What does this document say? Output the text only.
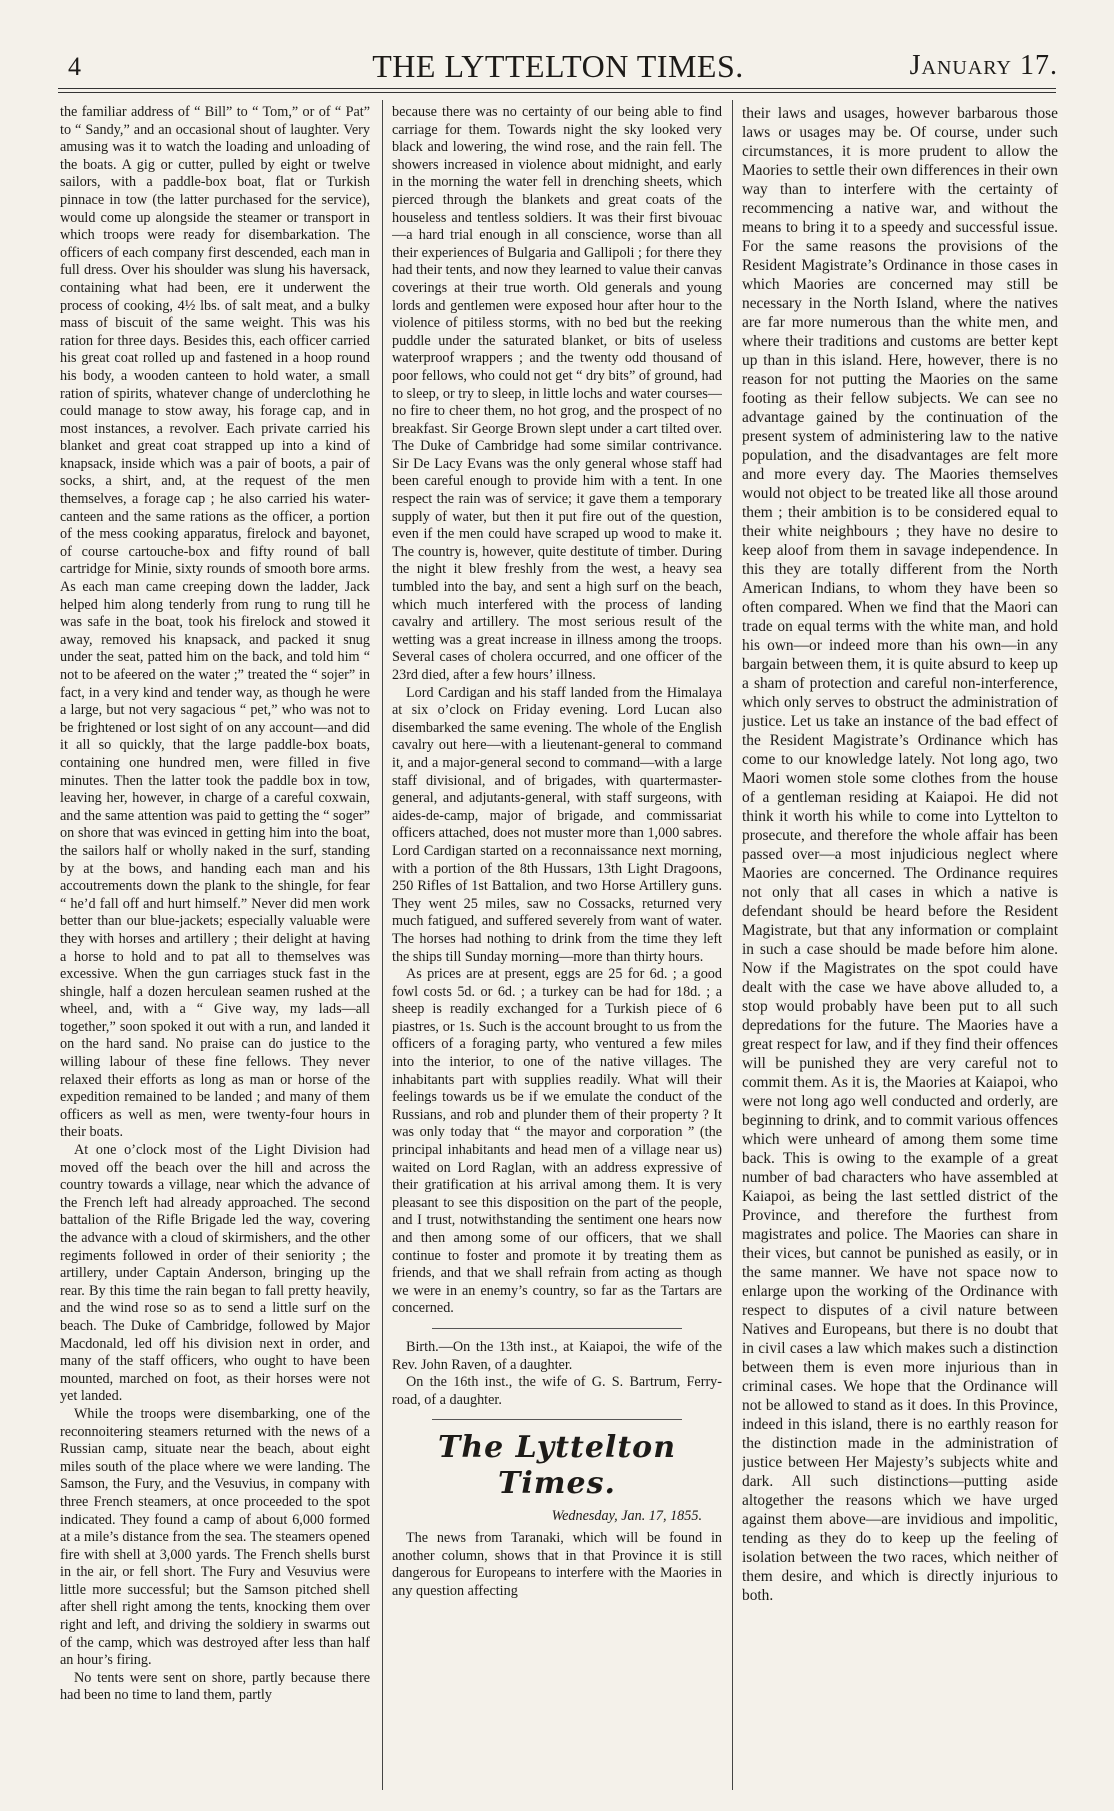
4	THE LYTTELTON TIMES.	January 17.

the familiar address of “ Bill” to “ Tom,” or of “ Pat” to “ Sandy,” and an occasional shout of laughter. Very amusing was it to watch the loading and unloading of the boats. A gig or cutter, pulled by eight or twelve sailors, with a paddle-box boat, flat or Turkish pinnace in tow (the latter purchased for the service), would come up alongside the steamer or transport in which troops were ready for disembarkation. The officers of each company first descended, each man in full dress. Over his shoulder was slung his haversack, containing what had been, ere it underwent the process of cooking, 4½ lbs. of salt meat, and a bulky mass of biscuit of the same weight. This was his ration for three days. Besides this, each officer carried his great coat rolled up and fastened in a hoop round his body, a wooden canteen to hold water, a small ration of spirits, whatever change of underclothing he could manage to stow away, his forage cap, and in most instances, a revolver. Each private carried his blanket and great coat strapped up into a kind of knapsack, inside which was a pair of boots, a pair of socks, a shirt, and, at the request of the men themselves, a forage cap ; he also carried his water-canteen and the same rations as the officer, a portion of the mess cooking apparatus, firelock and bayonet, of course cartouche-box and fifty round of ball cartridge for Minie, sixty rounds of smooth bore arms. As each man came creeping down the ladder, Jack helped him along tenderly from rung to rung till he was safe in the boat, took his firelock and stowed it away, removed his knapsack, and packed it snug under the seat, patted him on the back, and told him “ not to be afeered on the water ;” treated the “ sojer” in fact, in a very kind and tender way, as though he were a large, but not very sagacious “ pet,” who was not to be frightened or lost sight of on any account—and did it all so quickly, that the large paddle-box boats, containing one hundred men, were filled in five minutes. Then the latter took the paddle box in tow, leaving her, however, in charge of a careful coxwain, and the same attention was paid to getting the “ soger” on shore that was evinced in getting him into the boat, the sailors half or wholly naked in the surf, standing by at the bows, and handing each man and his accoutrements down the plank to the shingle, for fear “ he’d fall off and hurt himself.” Never did men work better than our blue-jackets; especially valuable were they with horses and artillery ; their delight at having a horse to hold and to pat all to themselves was excessive. When the gun carriages stuck fast in the shingle, half a dozen herculean seamen rushed at the wheel, and, with a “ Give way, my lads—all together,” soon spoked it out with a run, and landed it on the hard sand. No praise can do justice to the willing labour of these fine fellows. They never relaxed their efforts as long as man or horse of the expedition remained to be landed ; and many of them officers as well as men, were twenty-four hours in their boats.

At one o’clock most of the Light Division had moved off the beach over the hill and across the country towards a village, near which the advance of the French left had already approached. The second battalion of the Rifle Brigade led the way, covering the advance with a cloud of skirmishers, and the other regiments followed in order of their seniority ; the artillery, under Captain Anderson, bringing up the rear. By this time the rain began to fall pretty heavily, and the wind rose so as to send a little surf on the beach. The Duke of Cambridge, followed by Major Macdonald, led off his division next in order, and many of the staff officers, who ought to have been mounted, marched on foot, as their horses were not yet landed.

While the troops were disembarking, one of the reconnoitering steamers returned with the news of a Russian camp, situate near the beach, about eight miles south of the place where we were landing. The Samson, the Fury, and the Vesuvius, in company with three French steamers, at once proceeded to the spot indicated. They found a camp of about 6,000 formed at a mile’s distance from the sea. The steamers opened fire with shell at 3,000 yards. The French shells burst in the air, or fell short. The Fury and Vesuvius were little more successful; but the Samson pitched shell after shell right among the tents, knocking them over right and left, and driving the soldiery in swarms out of the camp, which was destroyed after less than half an hour’s firing.

No tents were sent on shore, partly because there had been no time to land them, partly

because there was no certainty of our being able to find carriage for them. Towards night the sky looked very black and lowering, the wind rose, and the rain fell. The showers increased in violence about midnight, and early in the morning the water fell in drenching sheets, which pierced through the blankets and great coats of the houseless and tentless soldiers. It was their first bivouac—a hard trial enough in all conscience, worse than all their experiences of Bulgaria and Gallipoli ; for there they had their tents, and now they learned to value their canvas coverings at their true worth. Old generals and young lords and gentlemen were exposed hour after hour to the violence of pitiless storms, with no bed but the reeking puddle under the saturated blanket, or bits of useless waterproof wrappers ; and the twenty odd thousand of poor fellows, who could not get “ dry bits” of ground, had to sleep, or try to sleep, in little lochs and water courses—no fire to cheer them, no hot grog, and the prospect of no breakfast. Sir George Brown slept under a cart tilted over. The Duke of Cambridge had some similar contrivance. Sir De Lacy Evans was the only general whose staff had been careful enough to provide him with a tent. In one respect the rain was of service; it gave them a temporary supply of water, but then it put fire out of the question, even if the men could have scraped up wood to make it. The country is, however, quite destitute of timber. During the night it blew freshly from the west, a heavy sea tumbled into the bay, and sent a high surf on the beach, which much interfered with the process of landing cavalry and artillery. The most serious result of the wetting was a great increase in illness among the troops. Several cases of cholera occurred, and one officer of the 23rd died, after a few hours’ illness.

Lord Cardigan and his staff landed from the Himalaya at six o’clock on Friday evening. Lord Lucan also disembarked the same evening. The whole of the English cavalry out here—with a lieutenant-general to command it, and a major-general second to command—with a large staff divisional, and of brigades, with quartermaster-general, and adjutants-general, with staff surgeons, with aides-de-camp, major of brigade, and commissariat officers attached, does not muster more than 1,000 sabres. Lord Cardigan started on a reconnaissance next morning, with a portion of the 8th Hussars, 13th Light Dragoons, 250 Rifles of 1st Battalion, and two Horse Artillery guns. They went 25 miles, saw no Cossacks, returned very much fatigued, and suffered severely from want of water. The horses had nothing to drink from the time they left the ships till Sunday morning—more than thirty hours.

As prices are at present, eggs are 25 for 6d. ; a good fowl costs 5d. or 6d. ; a turkey can be had for 18d. ; a sheep is readily exchanged for a Turkish piece of 6 piastres, or 1s. Such is the account brought to us from the officers of a foraging party, who ventured a few miles into the interior, to one of the native villages. The inhabitants part with supplies readily. What will their feelings towards us be if we emulate the conduct of the Russians, and rob and plunder them of their property ? It was only today that “ the mayor and corporation ” (the principal inhabitants and head men of a village near us) waited on Lord Raglan, with an address expressive of their gratification at his arrival among them. It is very pleasant to see this disposition on the part of the people, and I trust, notwithstanding the sentiment one hears now and then among some of our officers, that we shall continue to foster and promote it by treating them as friends, and that we shall refrain from acting as though we were in an enemy’s country, so far as the Tartars are concerned.

Birth.—On the 13th inst., at Kaiapoi, the wife of the Rev. John Raven, of a daughter.

On the 16th inst., the wife of G. S. Bartrum, Ferry-road, of a daughter.

The Lyttelton Times.
Wednesday, Jan. 17, 1855.

The news from Taranaki, which will be found in another column, shows that in that Province it is still dangerous for Europeans to interfere with the Maories in any question affecting

their laws and usages, however barbarous those laws or usages may be. Of course, under such circumstances, it is more prudent to allow the Maories to settle their own differences in their own way than to interfere with the certainty of recommencing a native war, and without the means to bring it to a speedy and successful issue. For the same reasons the provisions of the Resident Magistrate’s Ordinance in those cases in which Maories are concerned may still be necessary in the North Island, where the natives are far more numerous than the white men, and where their traditions and customs are better kept up than in this island. Here, however, there is no reason for not putting the Maories on the same footing as their fellow subjects. We can see no advantage gained by the continuation of the present system of administering law to the native population, and the disadvantages are felt more and more every day. The Maories themselves would not object to be treated like all those around them ; their ambition is to be considered equal to their white neighbours ; they have no desire to keep aloof from them in savage independence. In this they are totally different from the North American Indians, to whom they have been so often compared. When we find that the Maori can trade on equal terms with the white man, and hold his own—or indeed more than his own—in any bargain between them, it is quite absurd to keep up a sham of protection and careful non-interference, which only serves to obstruct the administration of justice. Let us take an instance of the bad effect of the Resident Magistrate’s Ordinance which has come to our knowledge lately. Not long ago, two Maori women stole some clothes from the house of a gentleman residing at Kaiapoi. He did not think it worth his while to come into Lyttelton to prosecute, and therefore the whole affair has been passed over—a most injudicious neglect where Maories are concerned. The Ordinance requires not only that all cases in which a native is defendant should be heard before the Resident Magistrate, but that any information or complaint in such a case should be made before him alone. Now if the Magistrates on the spot could have dealt with the case we have above alluded to, a stop would probably have been put to all such depredations for the future. The Maories have a great respect for law, and if they find their offences will be punished they are very careful not to commit them. As it is, the Maories at Kaiapoi, who were not long ago well conducted and orderly, are beginning to drink, and to commit various offences which were unheard of among them some time back. This is owing to the example of a great number of bad characters who have assembled at Kaiapoi, as being the last settled district of the Province, and therefore the furthest from magistrates and police. The Maories can share in their vices, but cannot be punished as easily, or in the same manner. We have not space now to enlarge upon the working of the Ordinance with respect to disputes of a civil nature between Natives and Europeans, but there is no doubt that in civil cases a law which makes such a distinction between them is even more injurious than in criminal cases. We hope that the Ordinance will not be allowed to stand as it does. In this Province, indeed in this island, there is no earthly reason for the distinction made in the administration of justice between Her Majesty’s subjects white and dark. All such distinctions—putting aside altogether the reasons which we have urged against them above—are invidious and impolitic, tending as they do to keep up the feeling of isolation between the two races, which neither of them desire, and which is directly injurious to both.
